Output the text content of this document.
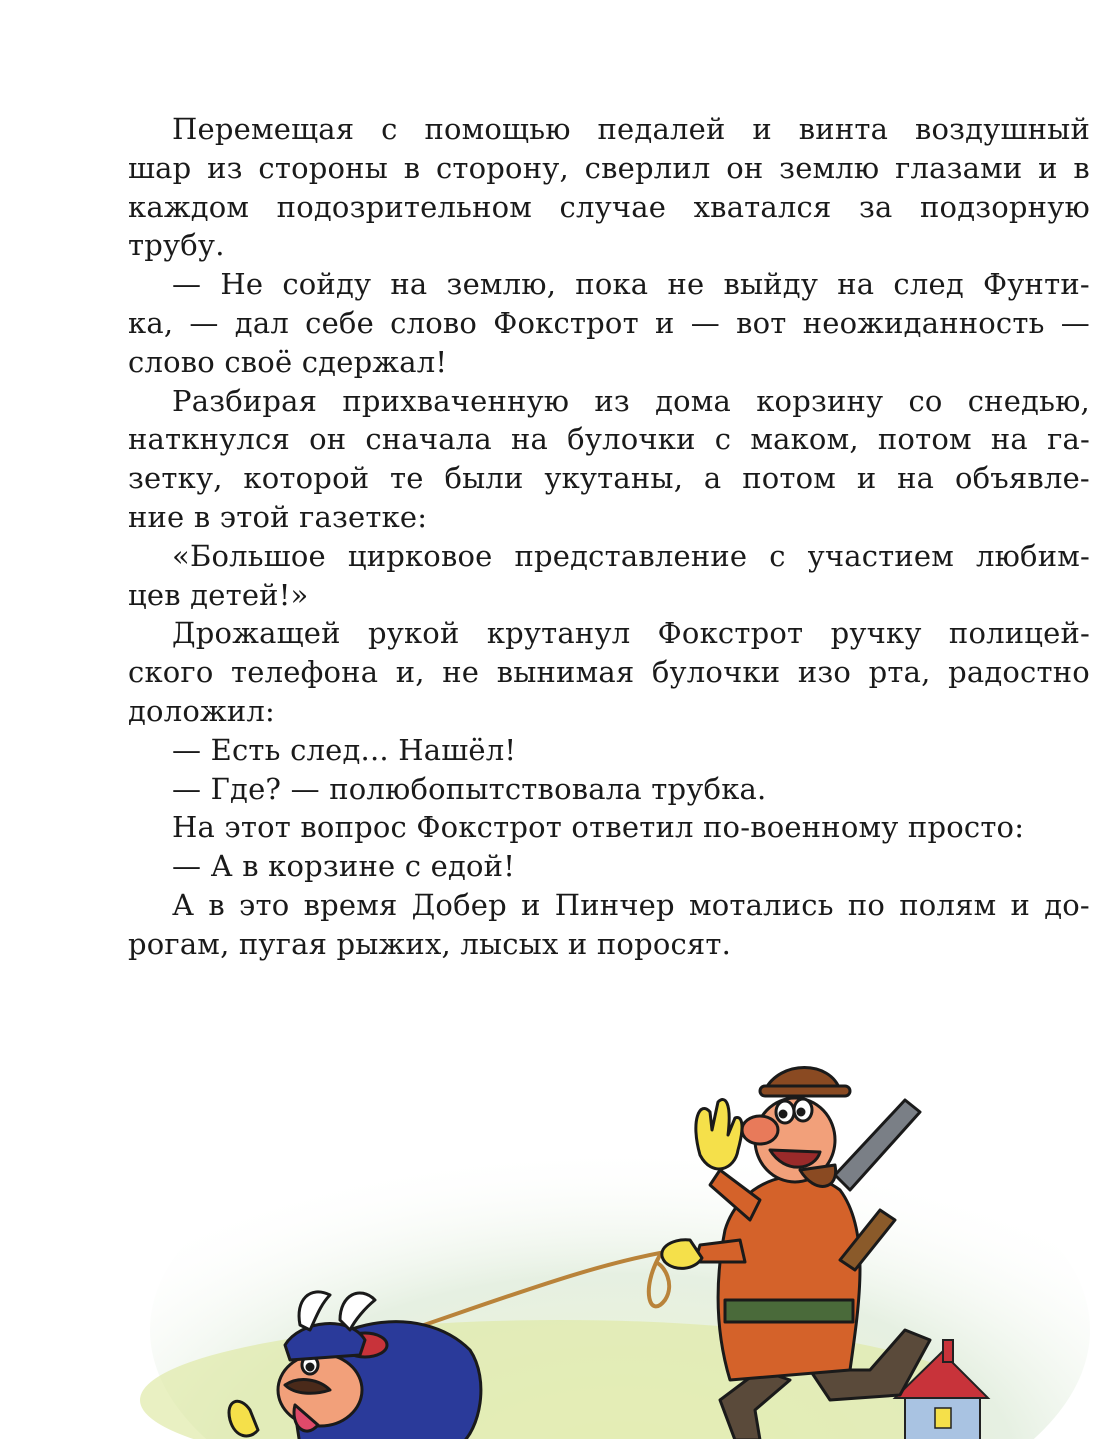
Перемещая с помощью педалей и винта воздушный
шар из стороны в сторону, сверлил он землю глазами и в
каждом подозрительном случае хватался за подзорную
трубу.
— Не сойду на землю, пока не выйду на след Фунти-
ка, — дал себе слово Фокстрот и — вот неожиданность —
слово своё сдержал!
Разбирая прихваченную из дома корзину со снедью,
наткнулся он сначала на булочки с маком, потом на га-
зетку, которой те были укутаны, а потом и на объявле-
ние в этой газетке:
«Большое цирковое представление с участием любим-
цев детей!»
Дрожащей рукой крутанул Фокстрот ручку полицей-
ского телефона и, не вынимая булочки изо рта, радостно
доложил:
— Есть след... Нашёл!
— Где? — полюбопытствовала трубка.
На этот вопрос Фокстрот ответил по-военному просто:
— А в корзине с едой!
А в это время Добер и Пинчер мотались по полям и до-
рогам, пугая рыжих, лысых и поросят.
